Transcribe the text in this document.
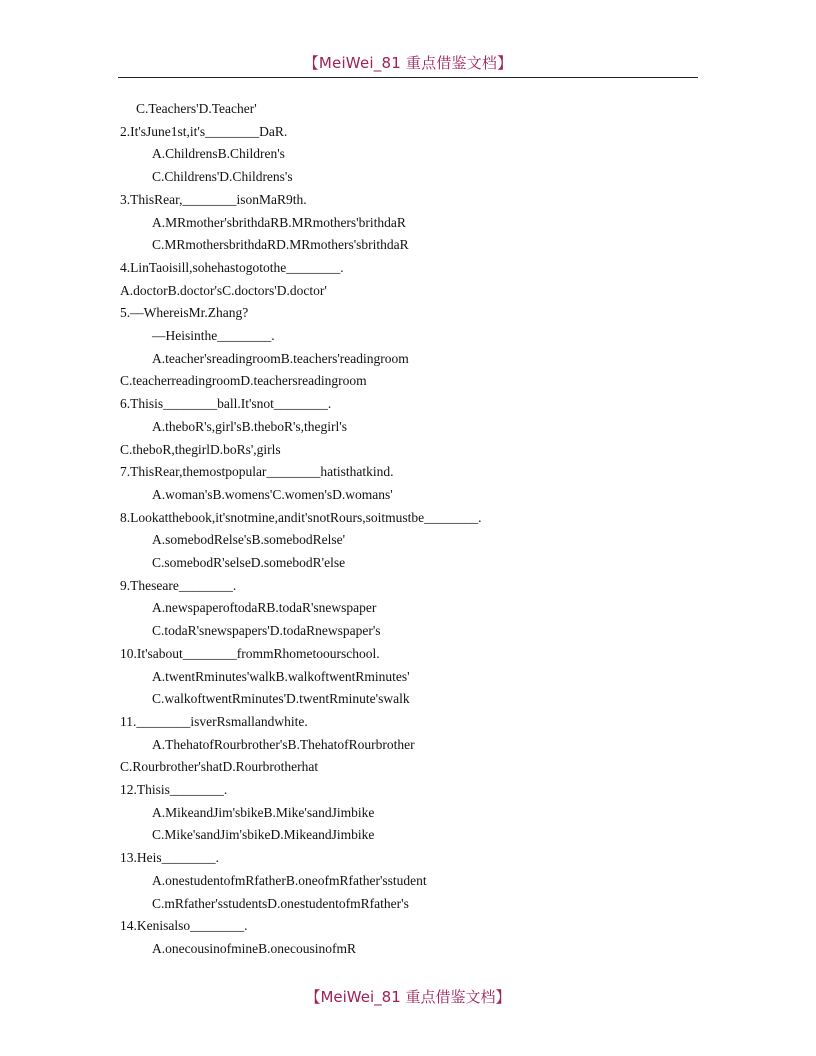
【MeiWei_81 重点借鉴文档】
C.Teachers'D.Teacher'
2.It'sJune1st,it's________DaR.
A.ChildrensB.Children's
C.Childrens'D.Childrens's
3.ThisRear,________isonMaR9th.
A.MRmother'sbrithdaRB.MRmothers'brithdaR
C.MRmothersbrithdaRD.MRmothers'sbrithdaR
4.LinTaoisill,sohehastogotothe________.
A.doctorB.doctor'sC.doctors'D.doctor'
5.—WhereisMr.Zhang?
—Heisinthe________.
A.teacher'sreadingroomB.teachers'readingroom
C.teacherreadingroomD.teachersreadingroom
6.Thisis________ball.It'snot________.
A.theboR's,girl'sB.theboR's,thegirl's
C.theboR,thegirlD.boRs',girls
7.ThisRear,themostpopular________hatisthatkind.
A.woman'sB.womens'C.women'sD.womans'
8.Lookatthebook,it'snotmine,andit'snotRours,soitmustbe________.
A.somebodRelse'sB.somebodRelse'
C.somebodR'selseD.somebodR'else
9.Theseare________.
A.newspaperoftodaRB.todaR'snewspaper
C.todaR'snewspapers'D.todaRnewspaper's
10.It'sabout________frommRhometoourschool.
A.twentRminutes'walkB.walkoftwentRminutes'
C.walkoftwentRminutes'D.twentRminute'swalk
11.________isverRsmallandwhite.
A.ThehatofRourbrother'sB.ThehatofRourbrother
C.Rourbrother'shatD.Rourbrotherhat
12.Thisis________.
A.MikeandJim'sbikeB.Mike'sandJimbike
C.Mike'sandJim'sbikeD.MikeandJimbike
13.Heis________.
A.onestudentofmRfatherB.oneofmRfather'sstudent
C.mRfather'sstudentsD.onestudentofmRfather's
14.Kenisalso________.
A.onecousinofmineB.onecousinofmR
【MeiWei_81 重点借鉴文档】
